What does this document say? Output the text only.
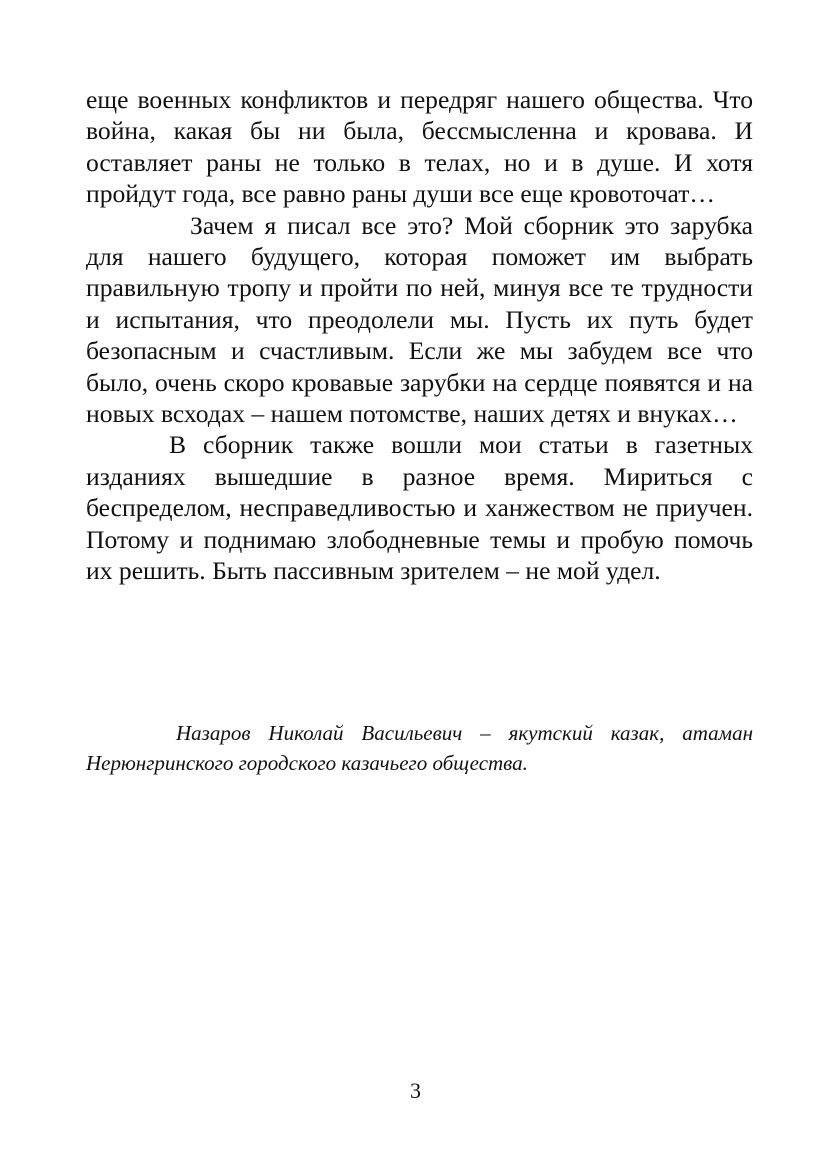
еще военных конфликтов и передряг нашего общества. Что война, какая бы ни была, бессмысленна и кровава. И оставляет раны не только в телах, но и в душе. И хотя пройдут года, все равно раны души все еще кровоточат…

Зачем я писал все это? Мой сборник это зарубка для нашего будущего, которая поможет им выбрать правильную тропу и пройти по ней, минуя все те трудности и испытания, что преодолели мы. Пусть их путь будет безопасным и счастливым. Если же мы забудем все что было, очень скоро кровавые зарубки на сердце появятся и на новых всходах – нашем потомстве, наших детях и внуках…

В сборник также вошли мои статьи в газетных изданиях вышедшие в разное время. Мириться с беспределом, несправедливостью и ханжеством не приучен. Потому и поднимаю злободневные темы и пробую помочь их решить. Быть пассивным зрителем – не мой удел.

Назаров Николай Васильевич – якутский казак, атаман Нерюнгринского городского казачьего общества.

3
